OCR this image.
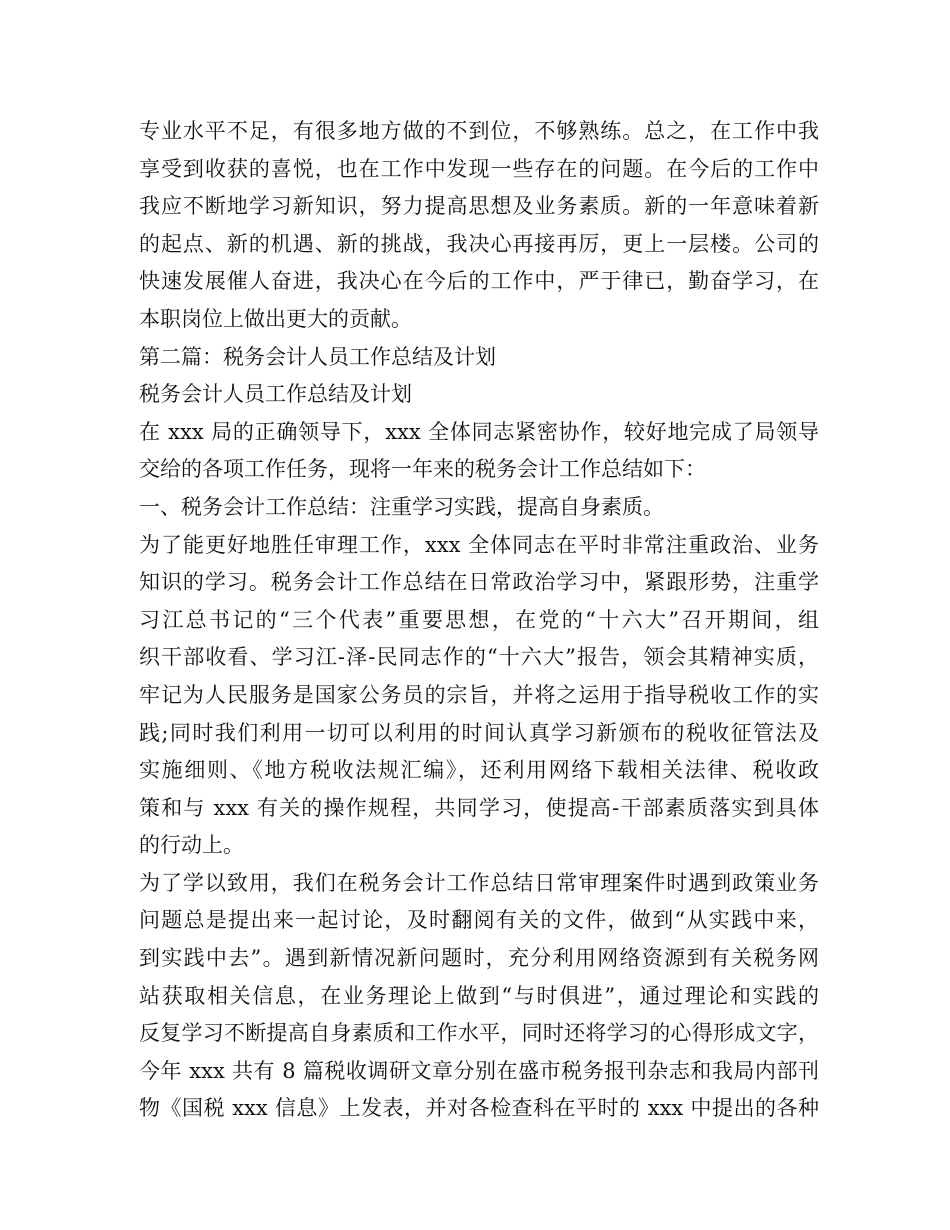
专业水平不足，有很多地方做的不到位，不够熟练。总之，在工作中我
享受到收获的喜悦，也在工作中发现一些存在的问题。在今后的工作中
我应不断地学习新知识，努力提高思想及业务素质。新的一年意味着新
的起点、新的机遇、新的挑战，我决心再接再厉，更上一层楼。公司的
快速发展催人奋进，我决心在今后的工作中，严于律已，勤奋学习，在
本职岗位上做出更大的贡献。
第二篇：税务会计人员工作总结及计划
税务会计人员工作总结及计划
在 xxx 局的正确领导下，xxx 全体同志紧密协作，较好地完成了局领导
交给的各项工作任务，现将一年来的税务会计工作总结如下：
一、税务会计工作总结：注重学习实践，提高自身素质。
为了能更好地胜任审理工作，xxx 全体同志在平时非常注重政治、业务
知识的学习。税务会计工作总结在日常政治学习中，紧跟形势，注重学
习江总书记的“三个代表”重要思想，在党的“十六大”召开期间，组
织干部收看、学习江-泽-民同志作的“十六大”报告，领会其精神实质，
牢记为人民服务是国家公务员的宗旨，并将之运用于指导税收工作的实
践;同时我们利用一切可以利用的时间认真学习新颁布的税收征管法及
实施细则、《地方税收法规汇编》，还利用网络下载相关法律、税收政
策和与 xxx 有关的操作规程，共同学习，使提高-干部素质落实到具体
的行动上。
为了学以致用，我们在税务会计工作总结日常审理案件时遇到政策业务
问题总是提出来一起讨论，及时翻阅有关的文件，做到“从实践中来，
到实践中去”。遇到新情况新问题时，充分利用网络资源到有关税务网
站获取相关信息，在业务理论上做到“与时俱进”，通过理论和实践的
反复学习不断提高自身素质和工作水平，同时还将学习的心得形成文字，
今年 xxx 共有 8 篇税收调研文章分别在盛市税务报刊杂志和我局内部刊
物《国税 xxx 信息》上发表，并对各检查科在平时的 xxx 中提出的各种
